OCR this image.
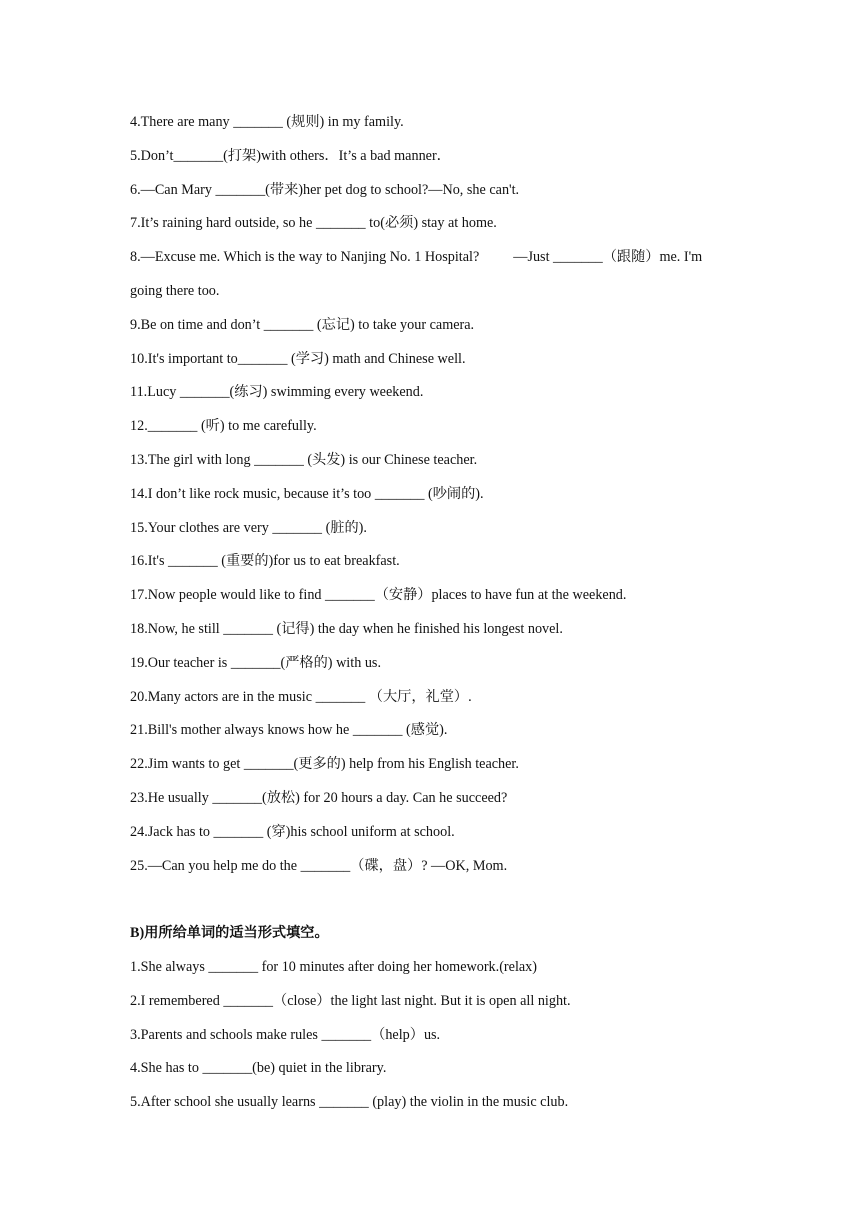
4.There are many _______ (规则) in my family.
5.Don’t_______(打架)with others．It’s a bad manner．
6.—Can Mary _______(带来)her pet dog to school?—No, she can't.
7.It’s raining hard outside, so he _______ to(必须) stay at home.
8.—Excuse me. Which is the way to Nanjing No. 1 Hospital? —Just _______（跟随）me. I'm
going there too.
9.Be on time and don’t _______ (忘记) to take your camera.
10.It's important to_______ (学习) math and Chinese well.
11.Lucy _______(练习) swimming every weekend.
12._______ (听) to me carefully.
13.The girl with long _______ (头发) is our Chinese teacher.
14.I don’t like rock music, because it’s too _______ (吵闹的).
15.Your clothes are very _______ (脏的).
16.It's _______ (重要的)for us to eat breakfast.
17.Now people would like to find _______（安静）places to have fun at the weekend.
18.Now, he still _______ (记得) the day when he finished his longest novel.
19.Our teacher is _______(严格的) with us.
20.Many actors are in the music _______ （大厅，礼堂）.
21.Bill's mother always knows how he _______ (感觉).
22.Jim wants to get _______(更多的) help from his English teacher.
23.He usually _______(放松) for 20 hours a day. Can he succeed?
24.Jack has to _______ (穿)his school uniform at school.
25.—Can you help me do the _______（碟，盘）? —OK, Mom.
B)用所给单词的适当形式填空。
1.She always _______ for 10 minutes after doing her homework.(relax)
2.I remembered _______（close）the light last night. But it is open all night.
3.Parents and schools make rules _______（help）us.
4.She has to _______(be) quiet in the library.
5.After school she usually learns _______ (play) the violin in the music club.
